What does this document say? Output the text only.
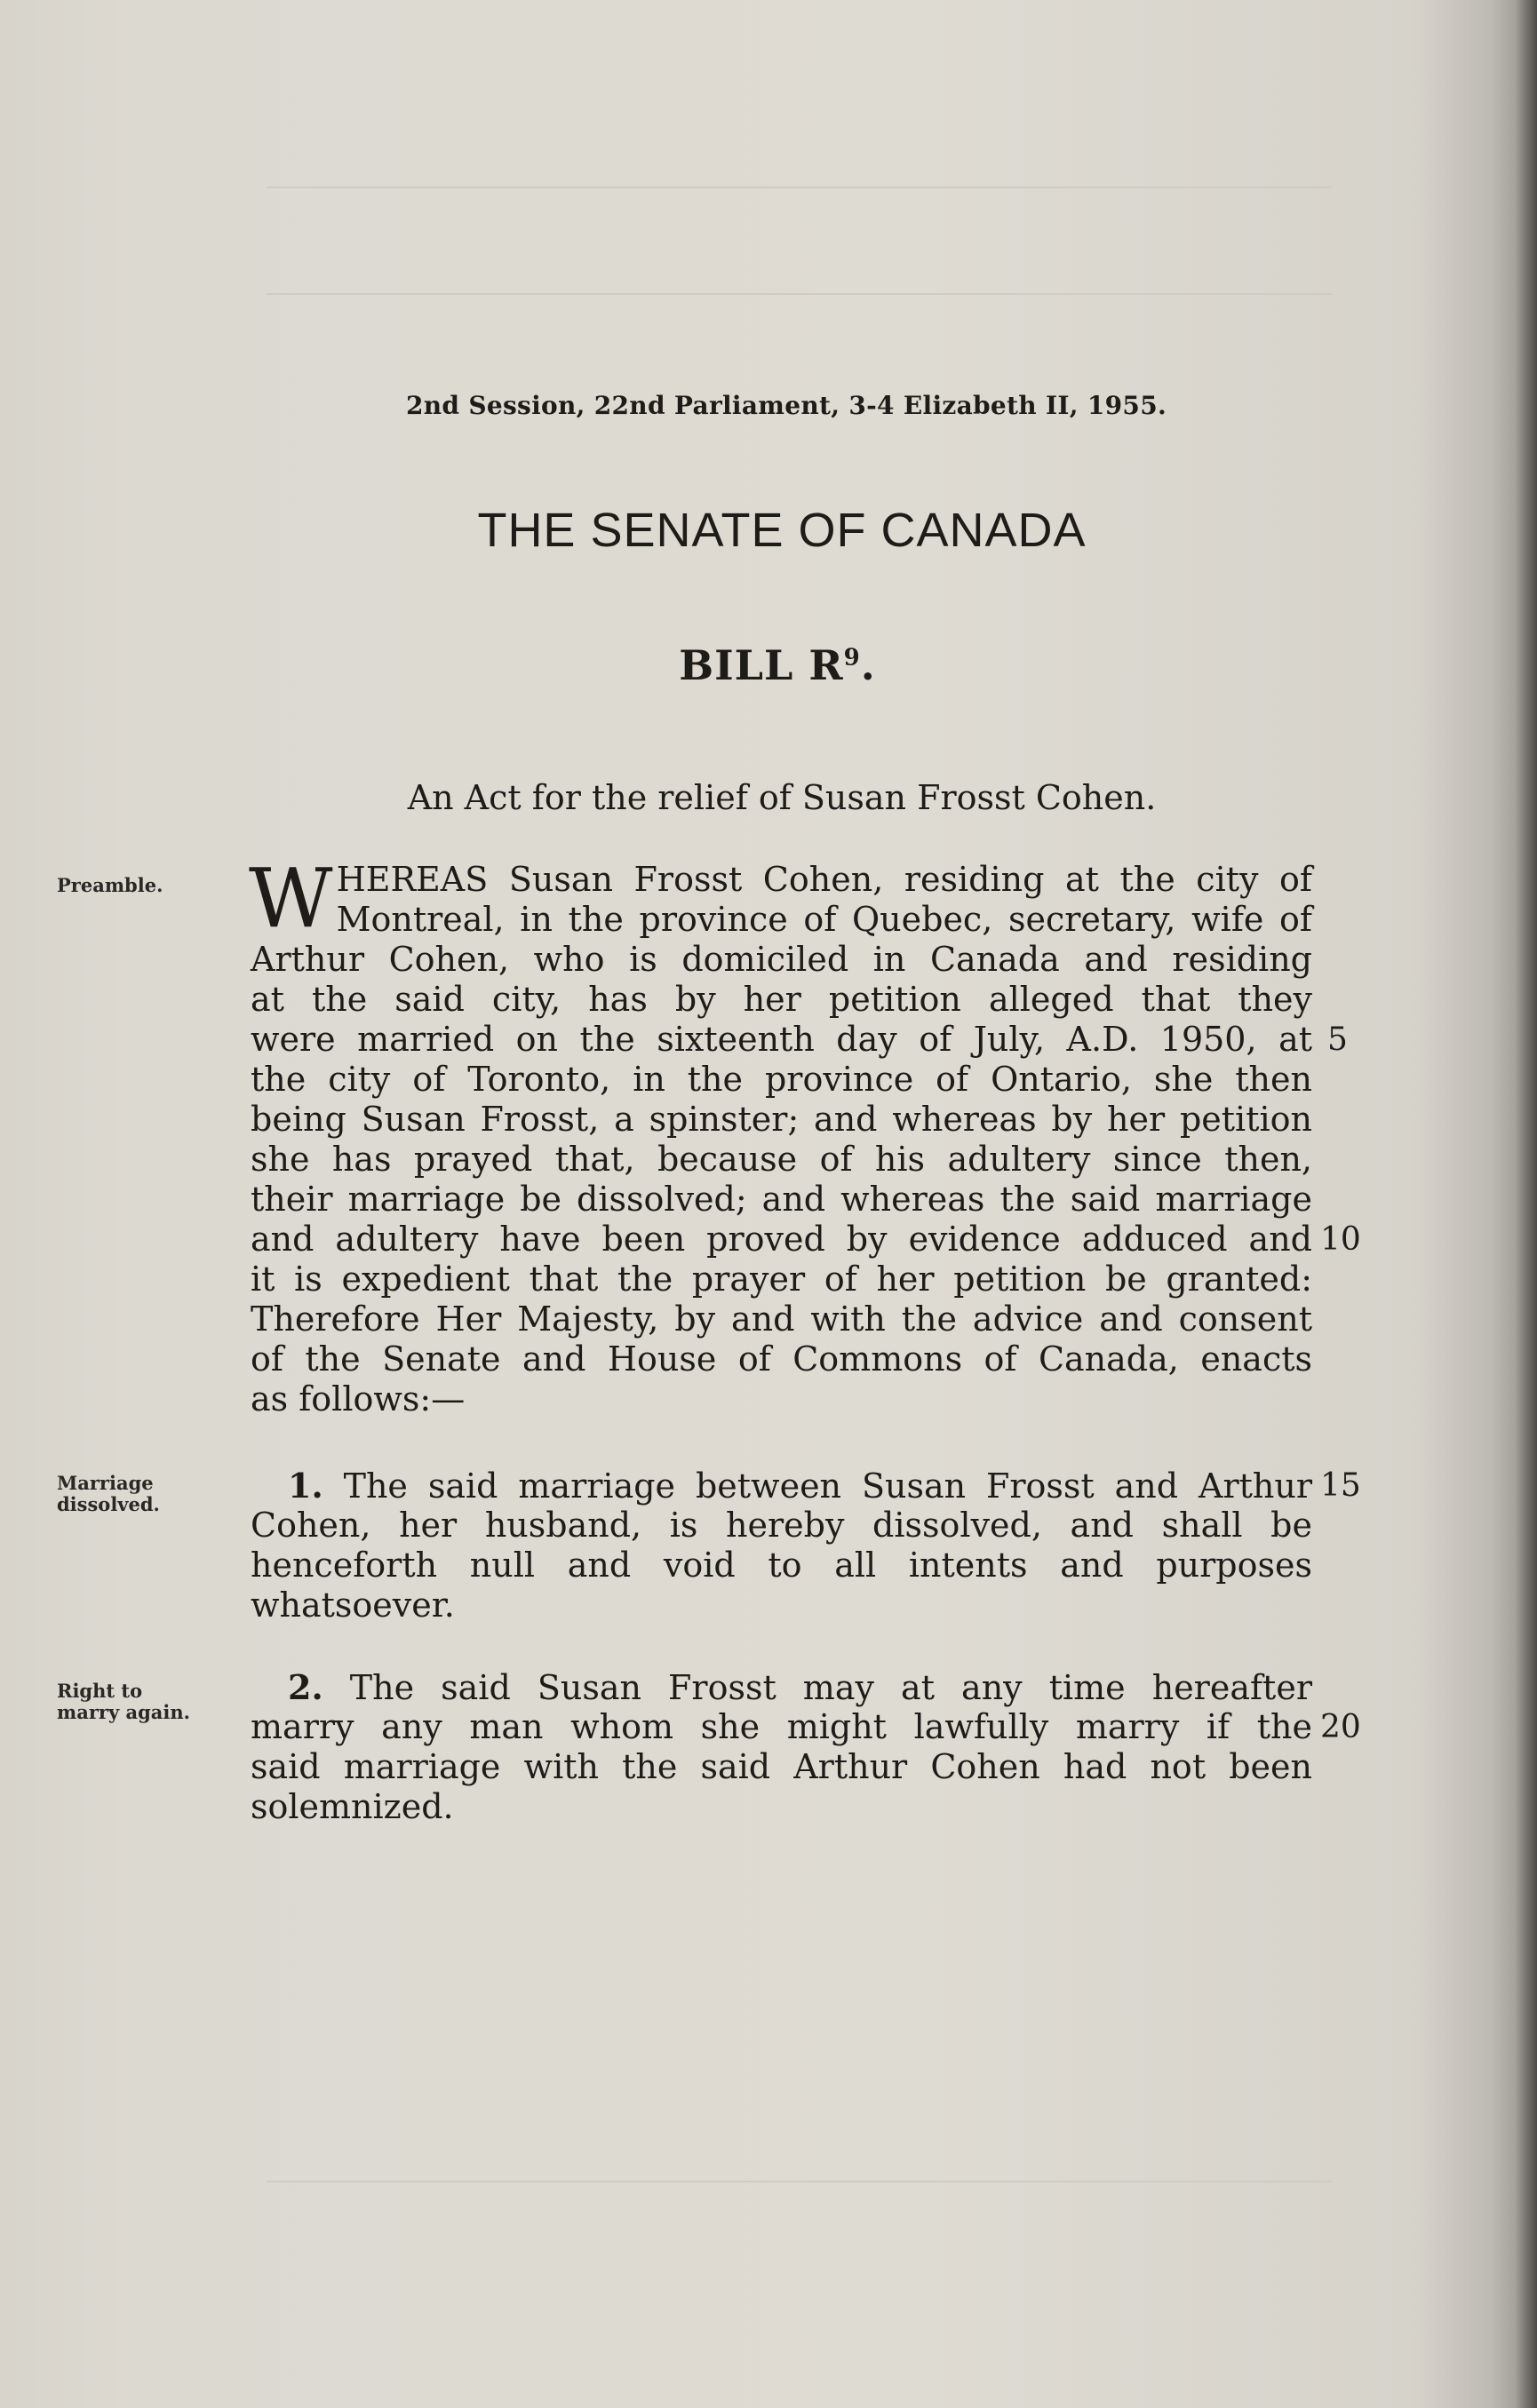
2nd Session, 22nd Parliament, 3-4 Elizabeth II, 1955.
THE SENATE OF CANADA
BILL $R^9$.
An Act for the relief of Susan Frosst Cohen.
Preamble.	W HEREAS Susan Frosst Cohen, residing at the city of
Montreal, in the province of Quebec, secretary, wife of
Arthur Cohen, who is domiciled in Canada and residing
at the said city, has by her petition alleged that they
were married on the sixteenth day of July, A.D. 1950, at
the city of Toronto, in the province of Ontario, she then
being Susan Frosst, a spinster; and whereas by her petition
she has prayed that, because of his adultery since then,
their marriage be dissolved; and whereas the said marriage
and adultery have been proved by evidence adduced and
it is expedient that the prayer of her petition be granted:
Therefore Her Majesty, by and with the advice and consent
of the Senate and House of Commons of Canada, enacts
as follows:—
Marriage
dissolved.	1. The said marriage between Susan Frosst and Arthur
Cohen, her husband, is hereby dissolved, and shall be
henceforth null and void to all intents and purposes
whatsoever.
Right to
marry again.
2. The said Susan Frosst may at any time hereafter
marry any man whom she might lawfully marry if the
said marriage with the said Arthur Cohen had not been
solemnized.
5
10
15
20
